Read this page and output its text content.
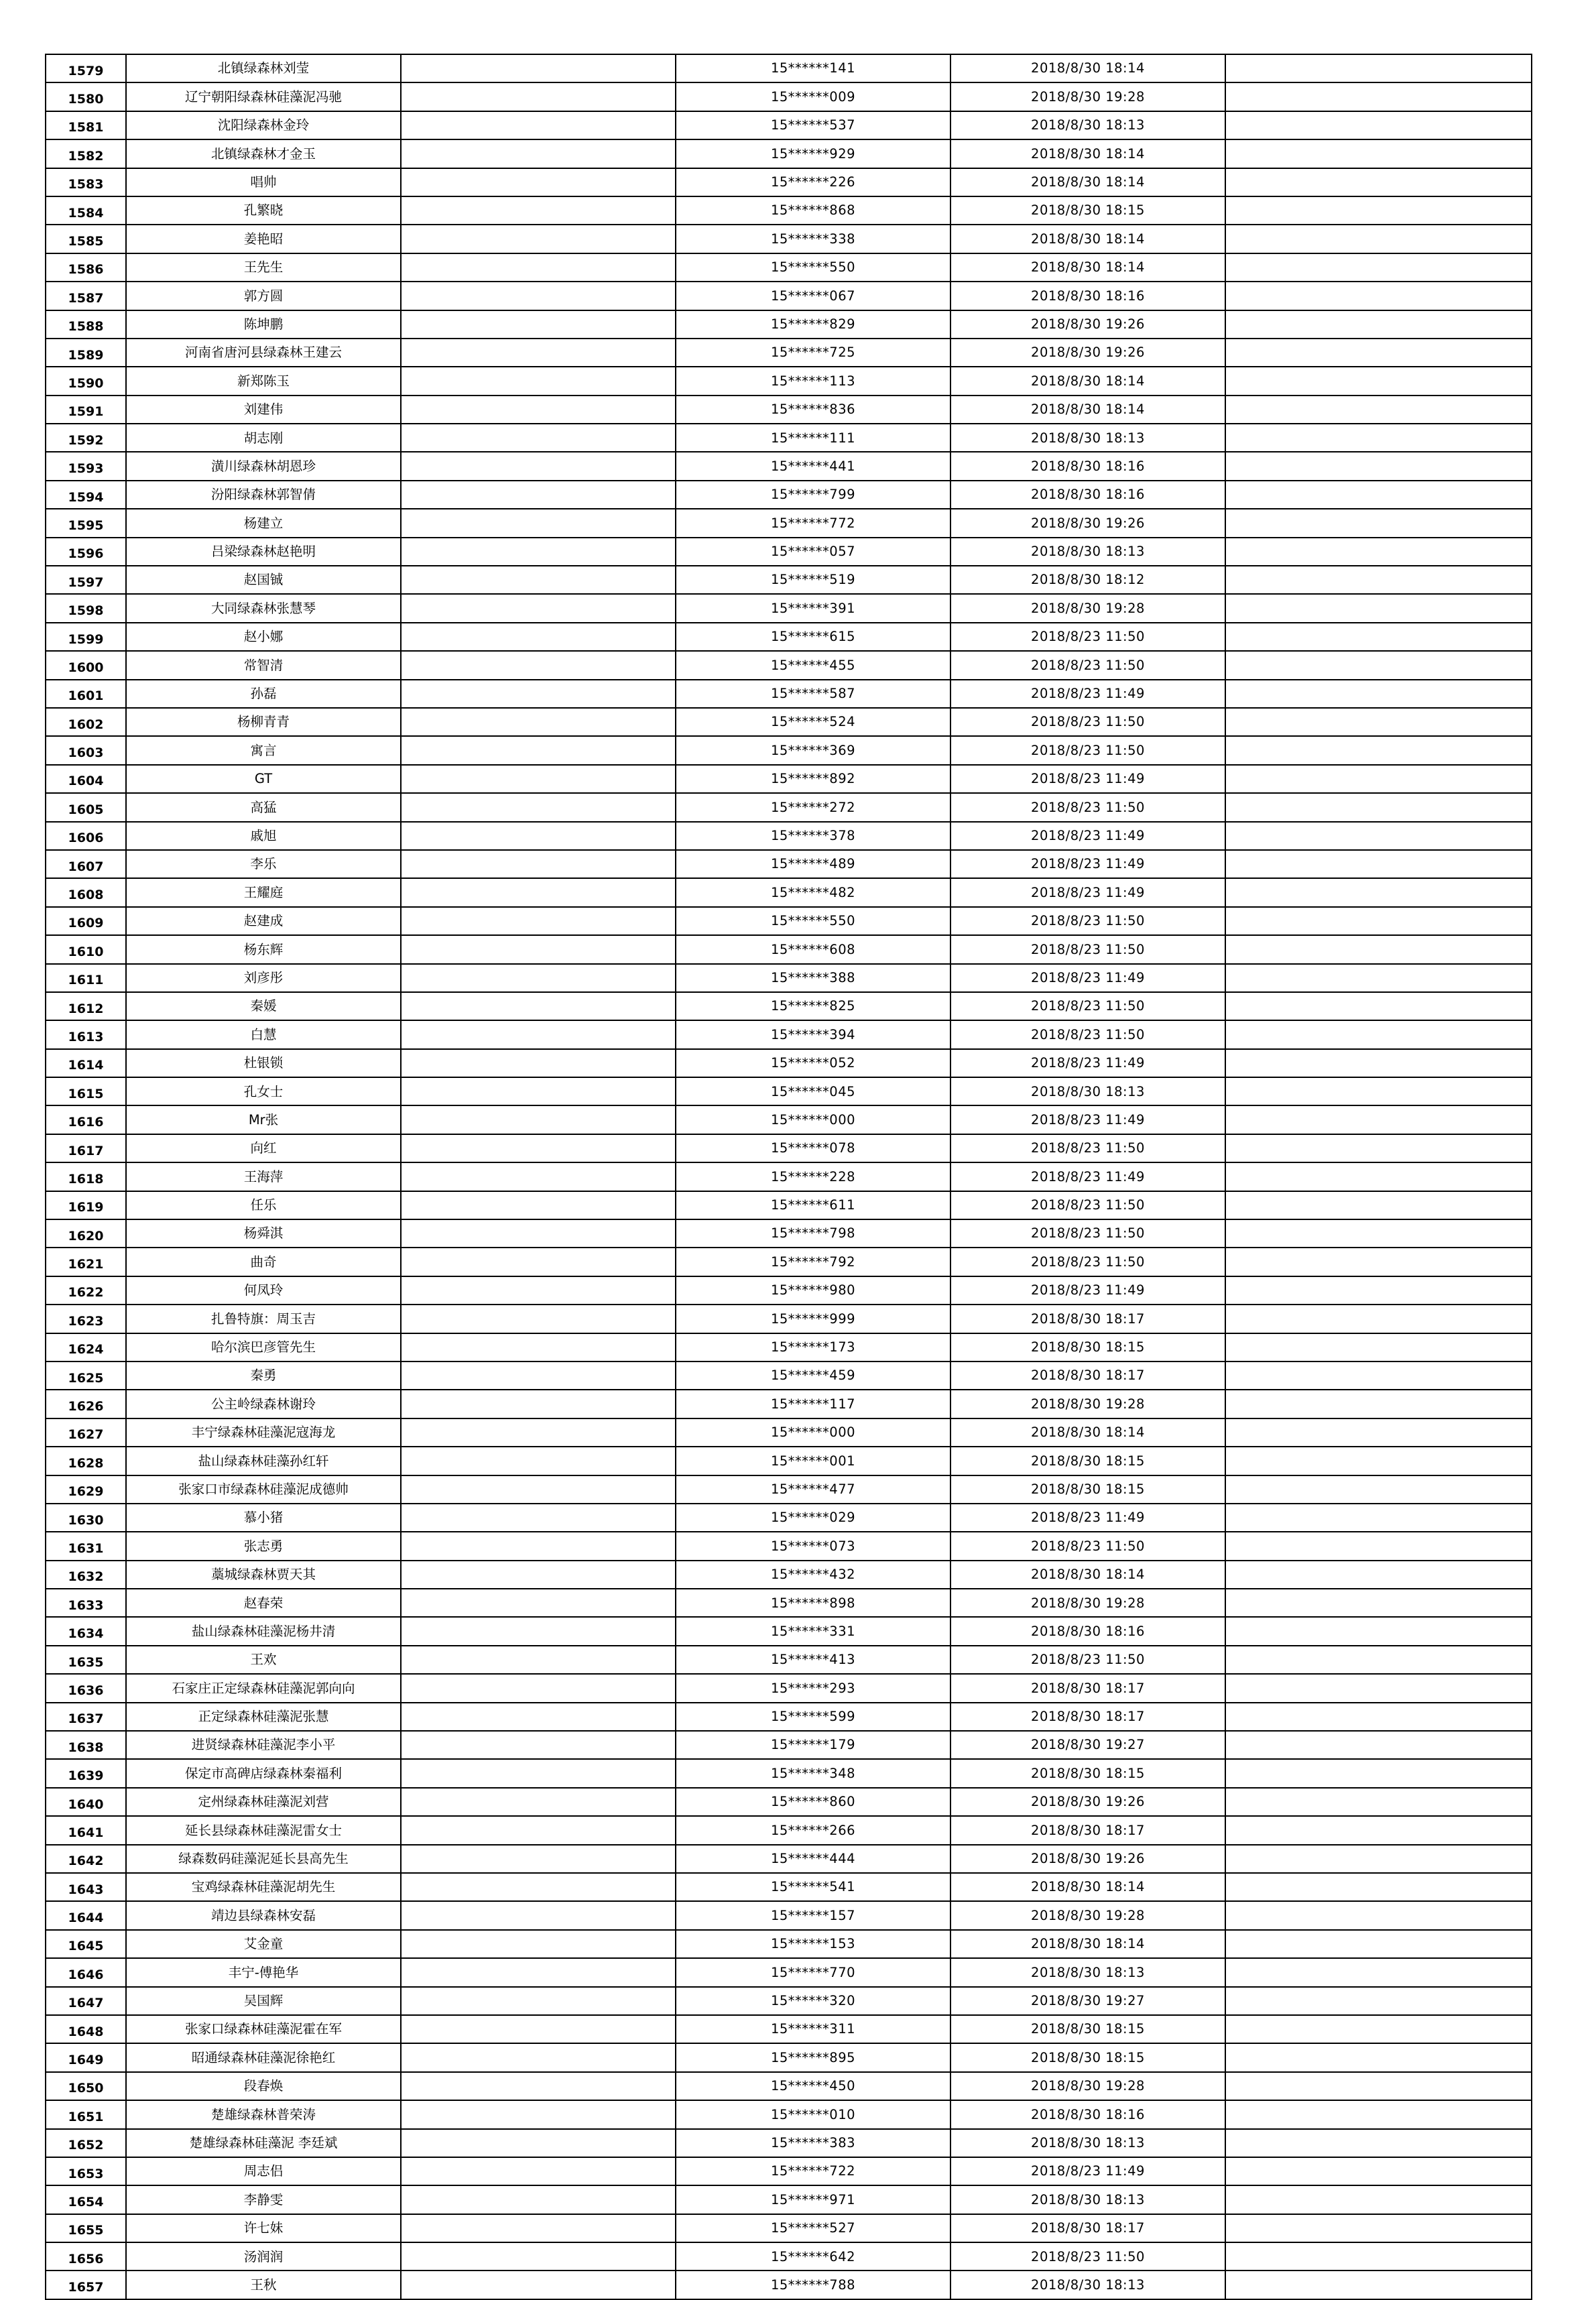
1579	北镇绿森林刘莹		15******141	2018/8/30 18:14	
1580	辽宁朝阳绿森林硅藻泥冯驰		15******009	2018/8/30 19:28	
1581	沈阳绿森林金玲		15******537	2018/8/30 18:13	
1582	北镇绿森林才金玉		15******929	2018/8/30 18:14	
1583	唱帅		15******226	2018/8/30 18:14	
1584	孔繁晓		15******868	2018/8/30 18:15	
1585	姜艳昭		15******338	2018/8/30 18:14	
1586	王先生		15******550	2018/8/30 18:14	
1587	郭方圆		15******067	2018/8/30 18:16	
1588	陈坤鹏		15******829	2018/8/30 19:26	
1589	河南省唐河县绿森林王建云		15******725	2018/8/30 19:26	
1590	新郑陈玉		15******113	2018/8/30 18:14	
1591	刘建伟		15******836	2018/8/30 18:14	
1592	胡志刚		15******111	2018/8/30 18:13	
1593	潢川绿森林胡恩珍		15******441	2018/8/30 18:16	
1594	汾阳绿森林郭智倩		15******799	2018/8/30 18:16	
1595	杨建立		15******772	2018/8/30 19:26	
1596	吕梁绿森林赵艳明		15******057	2018/8/30 18:13	
1597	赵国铖		15******519	2018/8/30 18:12	
1598	大同绿森林张慧琴		15******391	2018/8/30 19:28	
1599	赵小娜		15******615	2018/8/23 11:50	
1600	常智清		15******455	2018/8/23 11:50	
1601	孙磊		15******587	2018/8/23 11:49	
1602	杨柳青青		15******524	2018/8/23 11:50	
1603	寓言		15******369	2018/8/23 11:50	
1604	GT		15******892	2018/8/23 11:49	
1605	高猛		15******272	2018/8/23 11:50	
1606	戚旭		15******378	2018/8/23 11:49	
1607	李乐		15******489	2018/8/23 11:49	
1608	王耀庭		15******482	2018/8/23 11:49	
1609	赵建成		15******550	2018/8/23 11:50	
1610	杨东辉		15******608	2018/8/23 11:50	
1611	刘彦彤		15******388	2018/8/23 11:49	
1612	秦媛		15******825	2018/8/23 11:50	
1613	白慧		15******394	2018/8/23 11:50	
1614	杜银锁		15******052	2018/8/23 11:49	
1615	孔女士		15******045	2018/8/30 18:13	
1616	Mr张		15******000	2018/8/23 11:49	
1617	向红		15******078	2018/8/23 11:50	
1618	王海萍		15******228	2018/8/23 11:49	
1619	任乐		15******611	2018/8/23 11:50	
1620	杨舜淇		15******798	2018/8/23 11:50	
1621	曲奇		15******792	2018/8/23 11:50	
1622	何凤玲		15******980	2018/8/23 11:49	
1623	扎鲁特旗：周玉吉		15******999	2018/8/30 18:17	
1624	哈尔滨巴彦管先生		15******173	2018/8/30 18:15	
1625	秦勇		15******459	2018/8/30 18:17	
1626	公主岭绿森林谢玲		15******117	2018/8/30 19:28	
1627	丰宁绿森林硅藻泥寇海龙		15******000	2018/8/30 18:14	
1628	盐山绿森林硅藻孙红轩		15******001	2018/8/30 18:15	
1629	张家口市绿森林硅藻泥成德帅		15******477	2018/8/30 18:15	
1630	慕小猪		15******029	2018/8/23 11:49	
1631	张志勇		15******073	2018/8/23 11:50	
1632	藁城绿森林贾天其		15******432	2018/8/30 18:14	
1633	赵春荣		15******898	2018/8/30 19:28	
1634	盐山绿森林硅藻泥杨井清		15******331	2018/8/30 18:16	
1635	王欢		15******413	2018/8/23 11:50	
1636	石家庄正定绿森林硅藻泥郭向向		15******293	2018/8/30 18:17	
1637	正定绿森林硅藻泥张慧		15******599	2018/8/30 18:17	
1638	进贤绿森林硅藻泥李小平		15******179	2018/8/30 19:27	
1639	保定市高碑店绿森林秦福利		15******348	2018/8/30 18:15	
1640	定州绿森林硅藻泥刘营		15******860	2018/8/30 19:26	
1641	延长县绿森林硅藻泥雷女士		15******266	2018/8/30 18:17	
1642	绿森数码硅藻泥延长县高先生		15******444	2018/8/30 19:26	
1643	宝鸡绿森林硅藻泥胡先生		15******541	2018/8/30 18:14	
1644	靖边县绿森林安磊		15******157	2018/8/30 19:28	
1645	艾金童		15******153	2018/8/30 18:14	
1646	丰宁-傅艳华		15******770	2018/8/30 18:13	
1647	吴国辉		15******320	2018/8/30 19:27	
1648	张家口绿森林硅藻泥霍在军		15******311	2018/8/30 18:15	
1649	昭通绿森林硅藻泥徐艳红		15******895	2018/8/30 18:15	
1650	段春焕		15******450	2018/8/30 19:28	
1651	楚雄绿森林普荣涛		15******010	2018/8/30 18:16	
1652	楚雄绿森林硅藻泥 李廷斌		15******383	2018/8/30 18:13	
1653	周志侣		15******722	2018/8/23 11:49	
1654	李静雯		15******971	2018/8/30 18:13	
1655	许七妹		15******527	2018/8/30 18:17	
1656	汤润润		15******642	2018/8/23 11:50	
1657	王秋		15******788	2018/8/30 18:13	
